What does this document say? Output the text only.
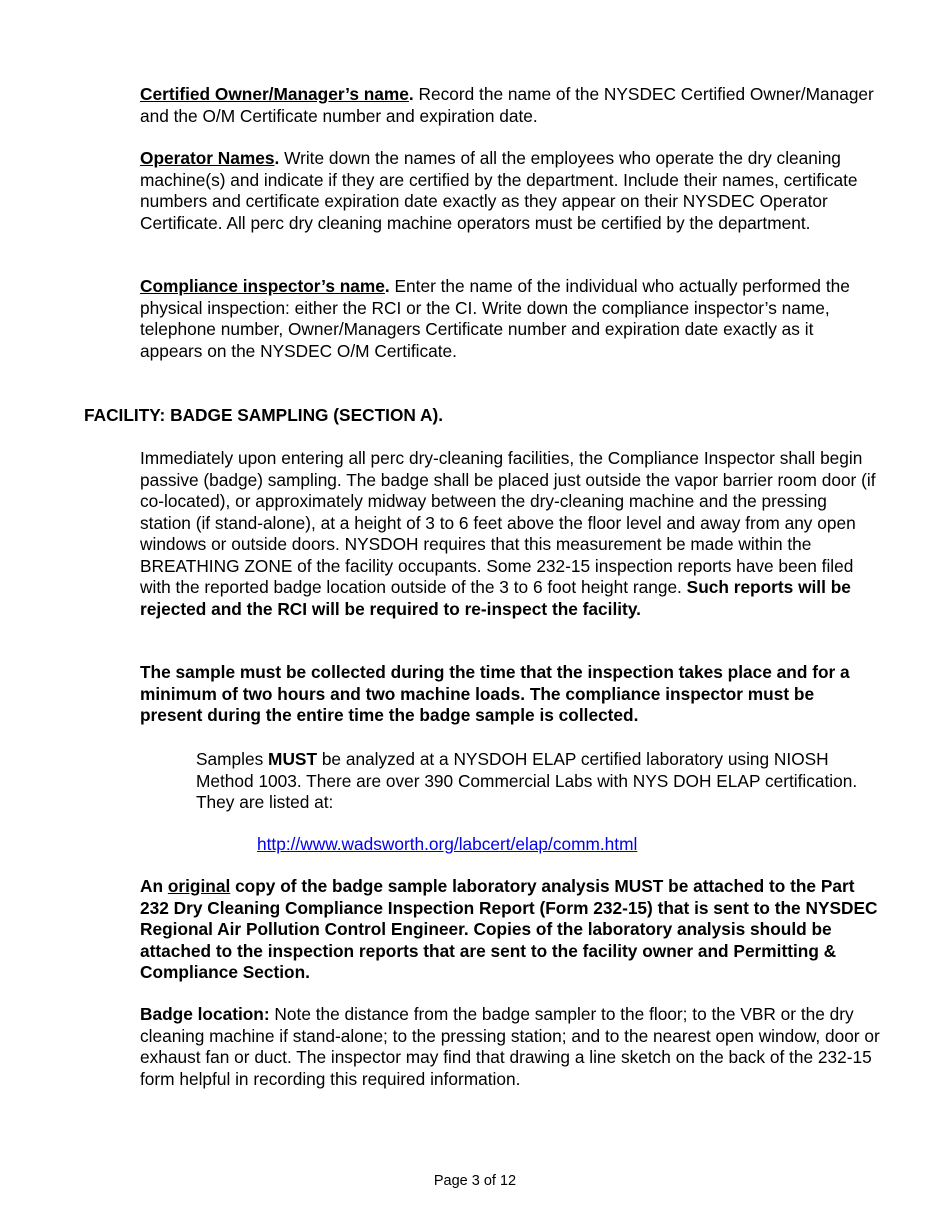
Certified Owner/Manager’s name. Record the name of the NYSDEC Certified Owner/Manager and the O/M Certificate number and expiration date.

Operator Names. Write down the names of all the employees who operate the dry cleaning machine(s) and indicate if they are certified by the department. Include their names, certificate numbers and certificate expiration date exactly as they appear on their NYSDEC Operator Certificate. All perc dry cleaning machine operators must be certified by the department.

Compliance inspector’s name. Enter the name of the individual who actually performed the physical inspection: either the RCI or the CI. Write down the compliance inspector’s name, telephone number, Owner/Managers Certificate number and expiration date exactly as it appears on the NYSDEC O/M Certificate.

FACILITY: BADGE SAMPLING (SECTION A).

Immediately upon entering all perc dry-cleaning facilities, the Compliance Inspector shall begin passive (badge) sampling. The badge shall be placed just outside the vapor barrier room door (if co-located), or approximately midway between the dry-cleaning machine and the pressing station (if stand-alone), at a height of 3 to 6 feet above the floor level and away from any open windows or outside doors. NYSDOH requires that this measurement be made within the BREATHING ZONE of the facility occupants. Some 232-15 inspection reports have been filed with the reported badge location outside of the 3 to 6 foot height range. Such reports will be rejected and the RCI will be required to re-inspect the facility.

The sample must be collected during the time that the inspection takes place and for a minimum of two hours and two machine loads. The compliance inspector must be present during the entire time the badge sample is collected.

Samples MUST be analyzed at a NYSDOH ELAP certified laboratory using NIOSH Method 1003. There are over 390 Commercial Labs with NYS DOH ELAP certification. They are listed at:

http://www.wadsworth.org/labcert/elap/comm.html

An original copy of the badge sample laboratory analysis MUST be attached to the Part 232 Dry Cleaning Compliance Inspection Report (Form 232-15) that is sent to the NYSDEC Regional Air Pollution Control Engineer. Copies of the laboratory analysis should be attached to the inspection reports that are sent to the facility owner and Permitting & Compliance Section.

Badge location: Note the distance from the badge sampler to the floor; to the VBR or the dry cleaning machine if stand-alone; to the pressing station; and to the nearest open window, door or exhaust fan or duct. The inspector may find that drawing a line sketch on the back of the 232-15 form helpful in recording this required information.

Page 3 of 12
